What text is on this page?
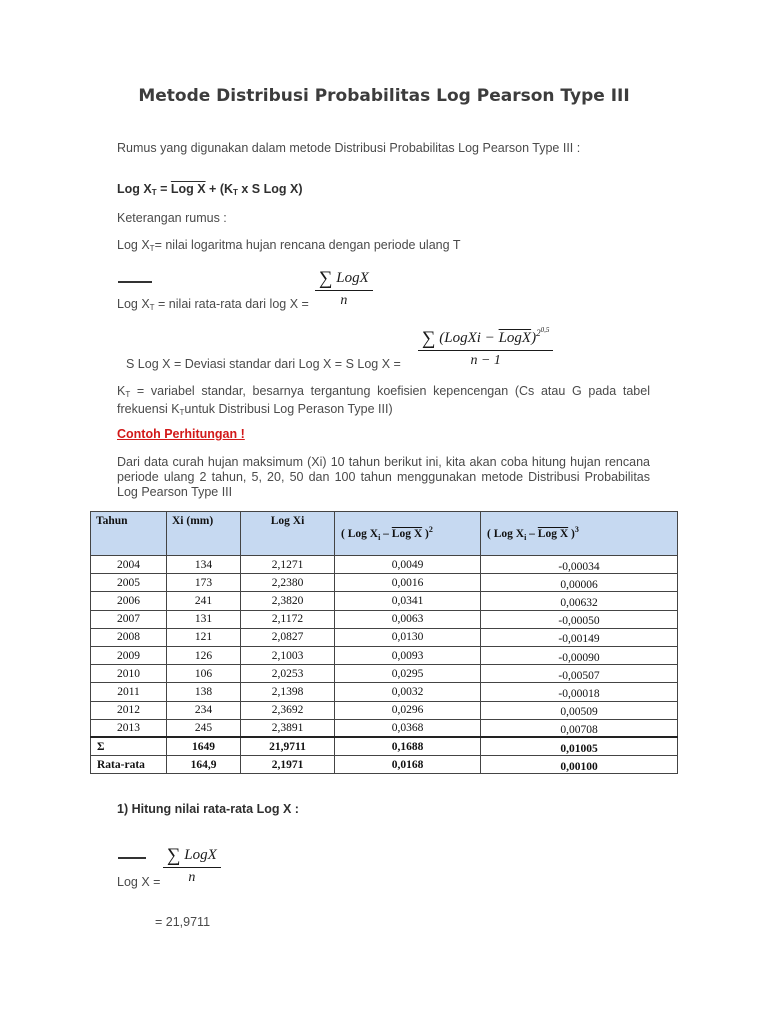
Metode Distribusi Probabilitas Log Pearson Type III
Rumus yang digunakan dalam metode Distribusi Probabilitas Log Pearson Type III :
Log $X_T$ = Log $X + (K_T$ x S Log X)
Keterangan rumus :
Log $X_T=$ nilai logaritma hujan rencana dengan periode ulang T
Log $X_T$ = nilai rata-rata dari log X =
∑ LogX
n
S Log X = Deviasi standar dari Log X = S Log X =
∑ (LogXi − LogX)$^{20,5}$
n − 1
$K_T$ = variabel standar, besarnya tergantung koefisien kepencengan (Cs atau G pada tabel frekuensi $K_Tuntuk$ Distribusi Log Perason Type III)
Contoh Perhitungan !
Dari data curah hujan maksimum (Xi) 10 tahun berikut ini, kita akan coba hitung hujan rencana periode ulang 2 tahun, 5, 20, 50 dan 100 tahun menggunakan metode Distribusi Probabilitas Log Pearson Type III
Tahun	Xi (mm)	Log Xi	( Log $X_i$ – Log X )$^2$	( Log $X_i$ – Log X )$^3$
2004	134	2,1271	0,0049	-0,00034
2005	173	2,2380	0,0016	0,00006
2006	241	2,3820	0,0341	0,00632
2007	131	2,1172	0,0063	-0,00050
2008	121	2,0827	0,0130	-0,00149
2009	126	2,1003	0,0093	-0,00090
2010	106	2,0253	0,0295	-0,00507
2011	138	2,1398	0,0032	-0,00018
2012	234	2,3692	0,0296	0,00509
2013	245	2,3891	0,0368	0,00708
Σ	1649	21,9711	0,1688	0,01005
Rata-rata	164,9	2,1971	0,0168	0,00100
1) Hitung nilai rata-rata Log X :
Log X =
∑ LogX
n
= 21,9711
